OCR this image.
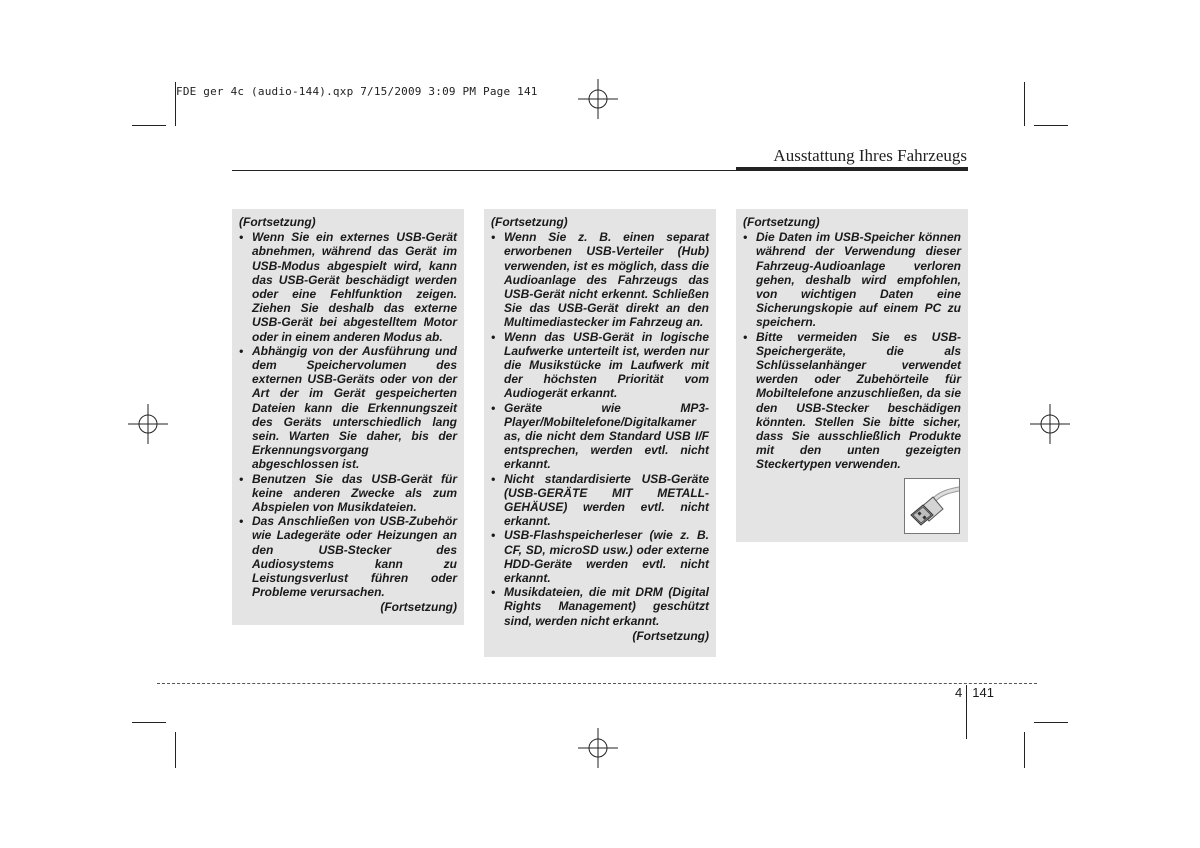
FDE ger 4c (audio-144).qxp 7/15/2009 3:09 PM Page 141
Ausstattung Ihres Fahrzeugs
(Fortsetzung)

• Wenn Sie ein externes USB-Gerät abnehmen, während das Gerät im USB-Modus abgespielt wird, kann das USB-Gerät beschädigt werden oder eine Fehlfunktion zeigen. Ziehen Sie deshalb das externe USB-Gerät bei abgestelltem Motor oder in einem anderen Modus ab.

• Abhängig von der Ausführung und dem Speichervolumen des externen USB-Geräts oder von der Art der im Gerät gespeicherten Dateien kann die Erkennungszeit des Geräts unterschiedlich lang sein. Warten Sie daher, bis der Erkennungsvorgang abgeschlossen ist.

• Benutzen Sie das USB-Gerät für keine anderen Zwecke als zum Abspielen von Musikdateien.

• Das Anschließen von USB-Zubehör wie Ladegeräte oder Heizungen an den USB-Stecker des Audiosystems kann zu Leistungsverlust führen oder Probleme verursachen.

(Fortsetzung)
(Fortsetzung)

• Wenn Sie z. B. einen separat erworbenen USB-Verteiler (Hub) verwenden, ist es möglich, dass die Audioanlage des Fahrzeugs das USB-Gerät nicht erkennt. Schließen Sie das USB-Gerät direkt an den Multimediastecker im Fahrzeug an.

• Wenn das USB-Gerät in logische Laufwerke unterteilt ist, werden nur die Musikstücke im Laufwerk mit der höchsten Priorität vom Audiogerät erkannt.

• Geräte wie MP3- Player/Mobiltelefone/Digitalkamer as, die nicht dem Standard USB I/F entsprechen, werden evtl. nicht erkannt.

• Nicht standardisierte USB-Geräte (USB-GERÄTE MIT METALL-GEHÄUSE) werden evtl. nicht erkannt.

• USB-Flashspeicherleser (wie z. B. CF, SD, microSD usw.) oder externe HDD-Geräte werden evtl. nicht erkannt.

• Musikdateien, die mit DRM (Digital Rights Management) geschützt sind, werden nicht erkannt.

(Fortsetzung)
(Fortsetzung)

• Die Daten im USB-Speicher können während der Verwendung dieser Fahrzeug-Audioanlage verloren gehen, deshalb wird empfohlen, von wichtigen Daten eine Sicherungskopie auf einem PC zu speichern.

• Bitte vermeiden Sie es USB-Speichergeräte, die als Schlüsselanhänger verwendet werden oder Zubehörteile für Mobiltelefone anzuschließen, da sie den USB-Stecker beschädigen könnten. Stellen Sie bitte sicher, dass Sie ausschließlich Produkte mit den unten gezeigten Steckertypen verwenden.

4 141
